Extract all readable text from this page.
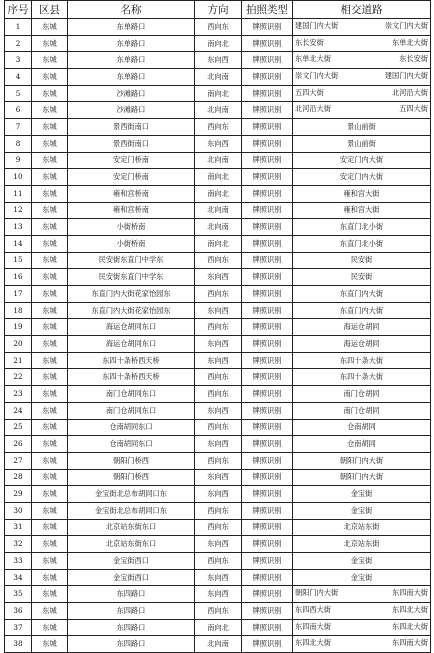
序号	区县	名称	方向	拍照类型	相交道路
1	东城	东单路口	西向东	牌照识别	建国门内大街 崇文门内大街

2	东城	东单路口	南向北	牌照识别	东长安街 东单北大街

3	东城	东单路口	东向西	牌照识别	东单北大街 东长安街

4	东城	东单路口	北向南	牌照识别	崇文门内大街 建国门内大街

5	东城	沙滩路口	南向北	牌照识别	五四大街 北河沿大街

6	东城	沙滩路口	北向南	牌照识别	北河沿大街 五四大街

7	东城	景西街南口	西向东	牌照识别	景山前街

8	东城	景西街南口	东向西	牌照识别	景山前街

9	东城	安定门桥南	北向南	牌照识别	安定门内大街

10	东城	安定门桥南	南向北	牌照识别	安定门内大街

11	东城	雍和宫桥南	南向北	牌照识别	雍和宫大街

12	东城	雍和宫桥南	北向南	牌照识别	雍和宫大街

13	东城	小街桥南	北向南	牌照识别	东直门北小街

14	东城	小街桥南	南向北	牌照识别	东直门北小街

15	东城	民安街东直门中学东	西向东	牌照识别	民安街

16	东城	民安街东直门中学东	东向西	牌照识别	民安街

17	东城	东直门内大街花家怡园东	西向东	牌照识别	东直门内大街

18	东城	东直门内大街花家怡园东	东向西	牌照识别	东直门内大街

19	东城	海运仓胡同东口	西向东	牌照识别	海运仓胡同

20	东城	海运仓胡同东口	东向西	牌照识别	海运仓胡同

21	东城	东四十条桥西天桥	东向西	牌照识别	东四十条大街

22	东城	东四十条桥西天桥	西向东	牌照识别	东四十条大街

23	东城	南门仓胡同东口	西向东	牌照识别	南门仓胡同

24	东城	南门仓胡同东口	东向西	牌照识别	南门仓胡同

25	东城	仓南胡同东口	西向东	牌照识别	仓南胡同

26	东城	仓南胡同东口	东向西	牌照识别	仓南胡同

27	东城	朝阳门桥西	西向东	牌照识别	朝阳门内大街

28	东城	朝阳门桥西	东向西	牌照识别	朝阳门内大街

29	东城	金宝街北总布胡同口东	东向西	牌照识别	金宝街

30	东城	金宝街北总布胡同口东	西向东	牌照识别	金宝街

31	东城	北京站东街东口	西向东	牌照识别	北京站东街

32	东城	北京站东街东口	东向西	牌照识别	北京站东街

33	东城	金宝街西口	西向东	牌照识别	金宝街

34	东城	金宝街西口	东向西	牌照识别	金宝街

35	东城	东四路口	东向西	牌照识别	朝阳门内大街 东四南大街

36	东城	东四路口	西向东	牌照识别	东四西大街 东四北大街

37	东城	东四路口	南向北	牌照识别	东四南大街 东四北大街

38	东城	东四路口	北向南	牌照识别	东四北大街 东四南大街
